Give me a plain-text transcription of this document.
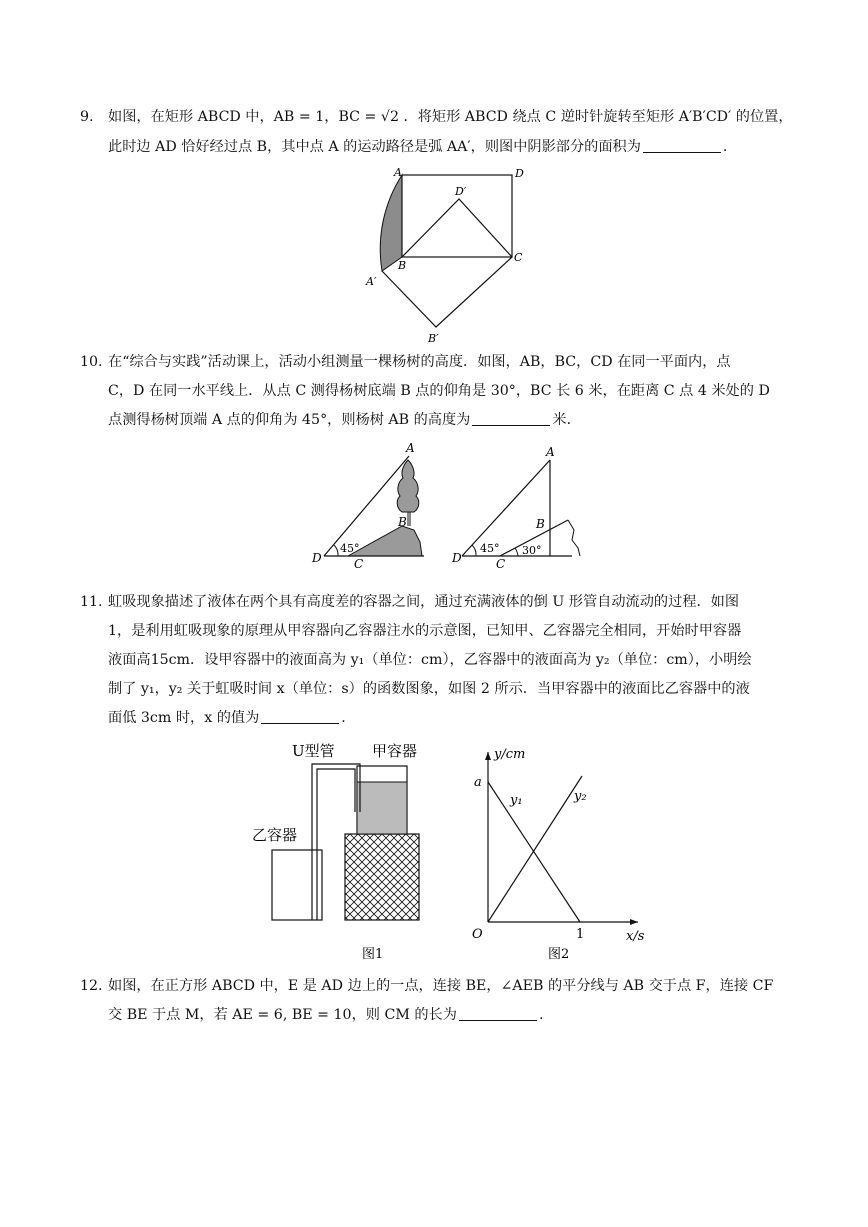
9. 如图，在矩形 ABCD 中，AB = 1，BC = √2 ．将矩形 ABCD 绕点 C 逆时针旋转至矩形 A′B′CD′ 的位置，
此时边 AD 恰好经过点 B，其中点 A 的运动路径是弧 AA′，则图中阴影部分的面积为	.
A	D
D′
B
C
A′
B′
10. 在“综合与实践”活动课上，活动小组测量一棵杨树的高度．如图，AB，BC，CD 在同一平面内，点
C，D 在同一水平线上．从点 C 测得杨树底端 B 点的仰角是 30°，BC 长 6 米，在距离 C 点 4 米处的 D
点测得杨树顶端 A 点的仰角为 45°，则杨树 AB 的高度为	米．
A
B
C
D
45°
A
B
C
D
45° 30°
11. 虹吸现象描述了液体在两个具有高度差的容器之间，通过充满液体的倒 U 形管自动流动的过程．如图
1，是利用虹吸现象的原理从甲容器向乙容器注水的示意图，已知甲、乙容器完全相同，开始时甲容器
液面高15cm．设甲容器中的液面高为 y₁（单位：cm），乙容器中的液面高为 y₂（单位：cm），小明绘
制了 y₁，y₂ 关于虹吸时间 x（单位：s）的函数图象，如图 2 所示．当甲容器中的液面比乙容器中的液
面低 3cm 时，x 的值为	.
U型管 甲容器
乙容器
图1
y/cm
a
y₁	y₂
O	1	x/s
图2
12. 如图，在正方形 ABCD 中，E 是 AD 边上的一点，连接 BE，∠AEB 的平分线与 AB 交于点 F，连接 CF
交 BE 于点 M，若 AE = 6, BE = 10，则 CM 的长为	.
